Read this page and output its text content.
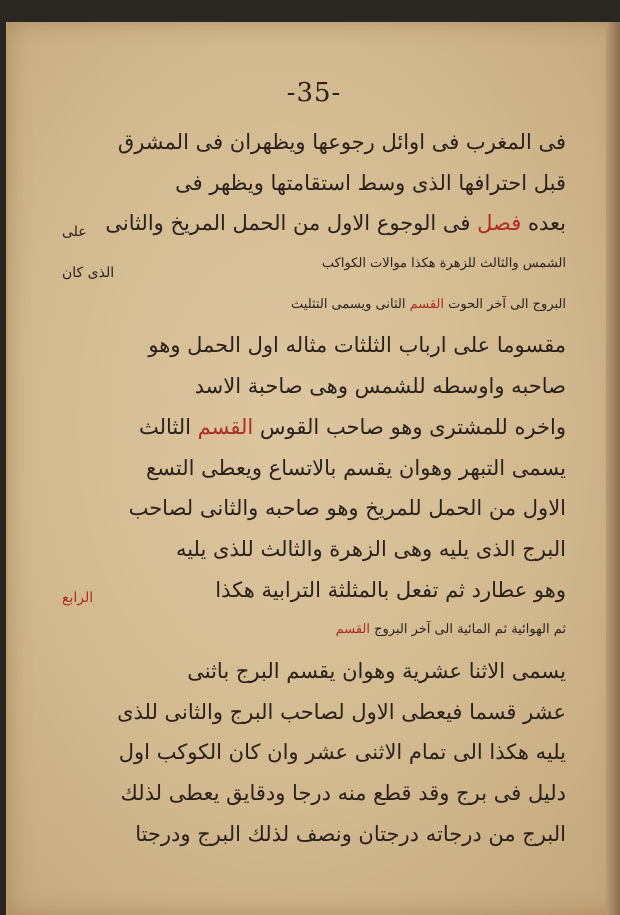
-35-
فى المغرب فى اوائل رجوعها ويظهران فى المشرق
قبل احترافها الذى وسط استقامتها ويظهر فى
بعده فصل فى الوجوع الاول من الحمل المريخ والثانى
الشمس والثالث للزهرة هكذا موالات الكواكب
على
البروج الى آخر الحوت القسم الثانى ويسمى التثليث
الذى كان
مقسوما على ارباب الثلثات مثاله اول الحمل وهو
صاحبه واوسطه للشمس وهى صاحبة الاسد
واخره للمشترى وهو صاحب القوس القسم الثالث
يسمى التبهر وهوان يقسم بالاتساع ويعطى التسع
الاول من الحمل للمريخ وهو صاحبه والثانى لصاحب
البرج الذى يليه وهى الزهرة والثالث للذى يليه
وهو عطارد ثم تفعل بالمثلثة الترابية هكذا
ثم الهوائية ثم المائية الى آخر البروج القسم
الرابع
يسمى الاثنا عشرية وهوان يقسم البرج باثنى
عشر قسما فيعطى الاول لصاحب البرج والثانى للذى
يليه هكذا الى تمام الاثنى عشر وان كان الكوكب اول
دليل فى برج وقد قطع منه درجا ودقايق يعطى لذلك
البرج من درجاته درجتان ونصف لذلك البرج ودرجتا
